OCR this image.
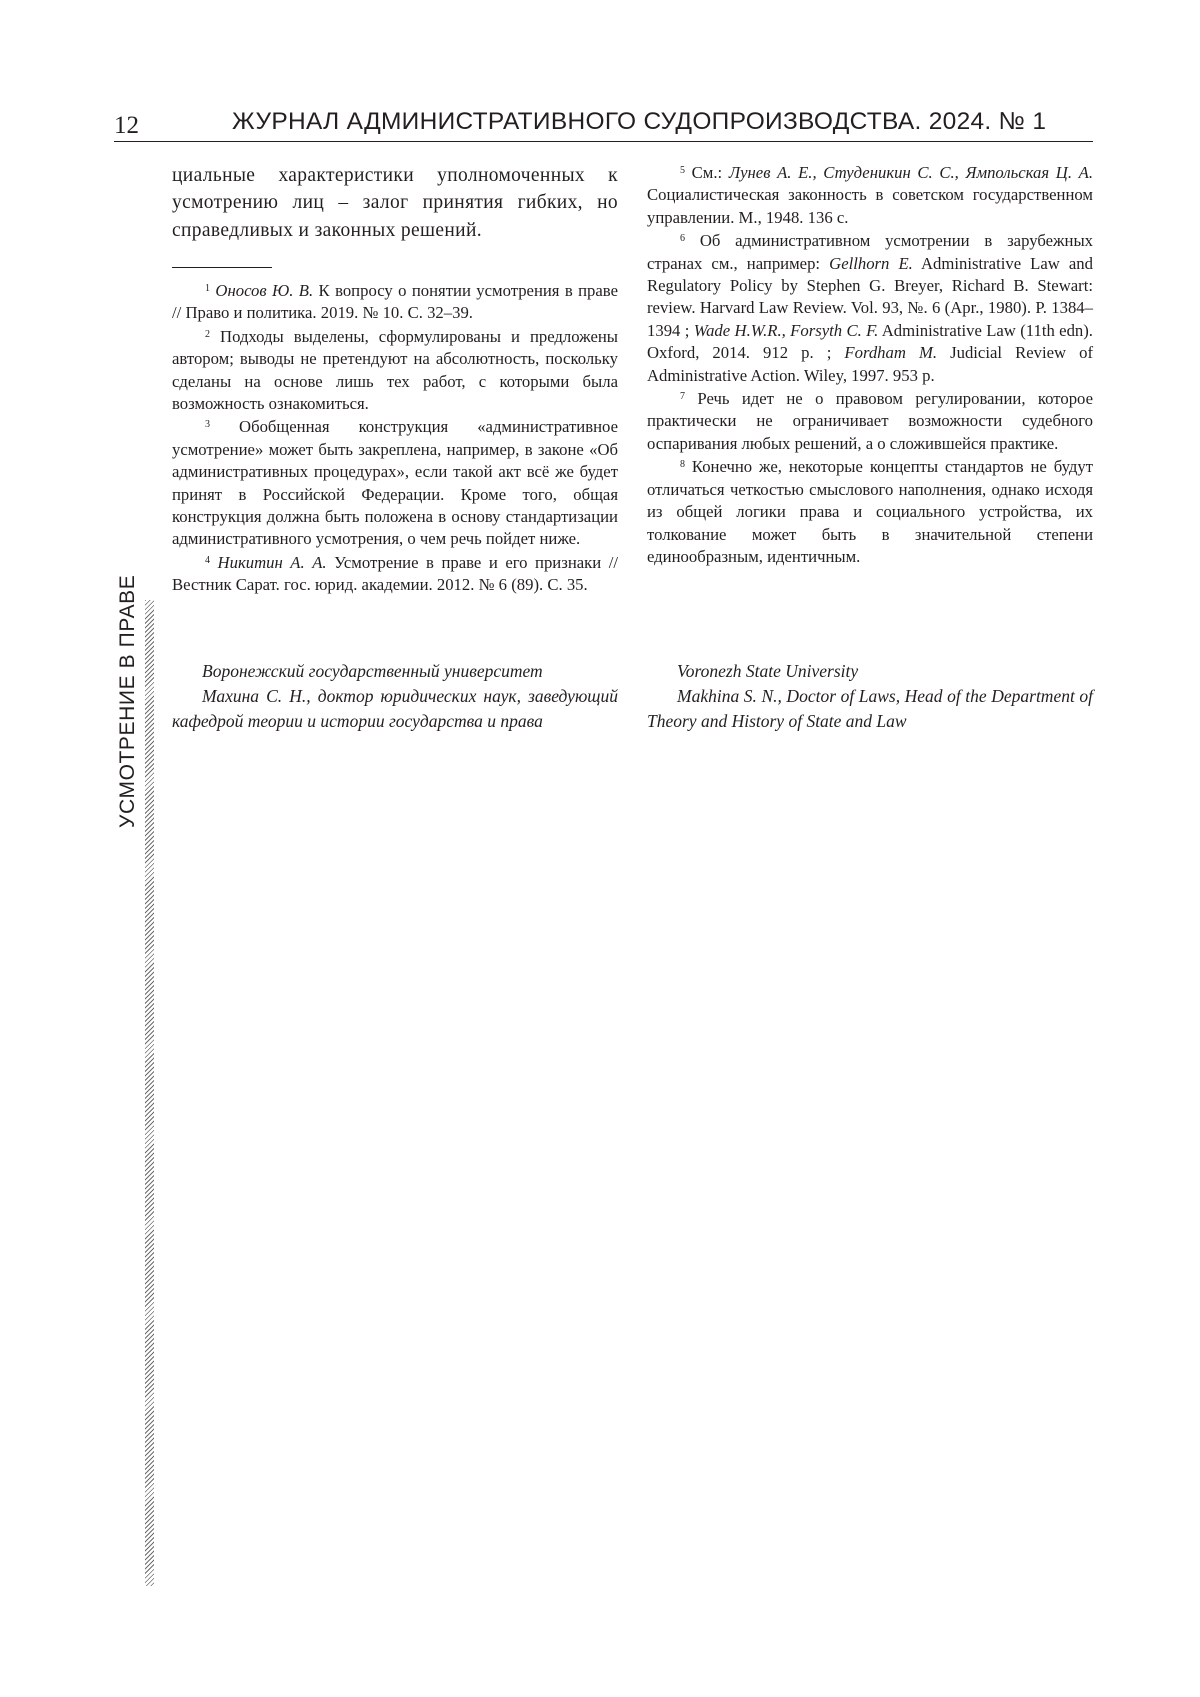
12	ЖУРНАЛ АДМИНИСТРАТИВНОГО СУДОПРОИЗВОДСТВА. 2024. № 1
УСМОТРЕНИЕ В ПРАВЕ

циальные характеристики уполномоченных к усмотрению лиц – залог принятия гибких, но справедливых и законных решений.

1 Оносов Ю. В. К вопросу о понятии усмотрения в праве // Право и политика. 2019. № 10. С. 32–39.

2 Подходы выделены, сформулированы и предложены автором; выводы не претендуют на абсолютность, поскольку сделаны на основе лишь тех работ, с которыми была возможность ознакомиться.

3 Обобщенная конструкция «административное усмотрение» может быть закреплена, например, в законе «Об административных процедурах», если такой акт всё же будет принят в Российской Федерации. Кроме того, общая конструкция должна быть положена в основу стандартизации административного усмотрения, о чем речь пойдет ниже.

4 Никитин А. А. Усмотрение в праве и его признаки // Вестник Сарат. гос. юрид. академии. 2012. № 6 (89). С. 35.

5 См.: Лунев А. Е., Студеникин С. С., Ямпольская Ц. А. Социалистическая законность в советском государственном управлении. М., 1948. 136 с.

6 Об административном усмотрении в зарубежных странах см., например: Gellhorn E. Administrative Law and Regulatory Policy by Stephen G. Breyer, Richard B. Stewart: review. Harvard Law Review. Vol. 93, №. 6 (Apr., 1980). P. 1384–1394 ; Wade H.W.R., Forsyth C. F. Administrative Law (11th edn). Oxford, 2014. 912 p. ; Fordham M. Judicial Review of Administrative Action. Wiley, 1997. 953 p.

7 Речь идет не о правовом регулировании, которое практически не ограничивает возможности судебного оспаривания любых решений, а о сложившейся практике.

8 Конечно же, некоторые концепты стандартов не будут отличаться четкостью смыслового наполнения, однако исходя из общей логики права и социального устройства, их толкование может быть в значительной степени единообразным, идентичным.

Воронежский государственный университет

Махина С. Н., доктор юридических наук, заведующий кафедрой теории и истории государства и права

Voronezh State University

Makhina S. N., Doctor of Laws, Head of the Department of Theory and History of State and Law
